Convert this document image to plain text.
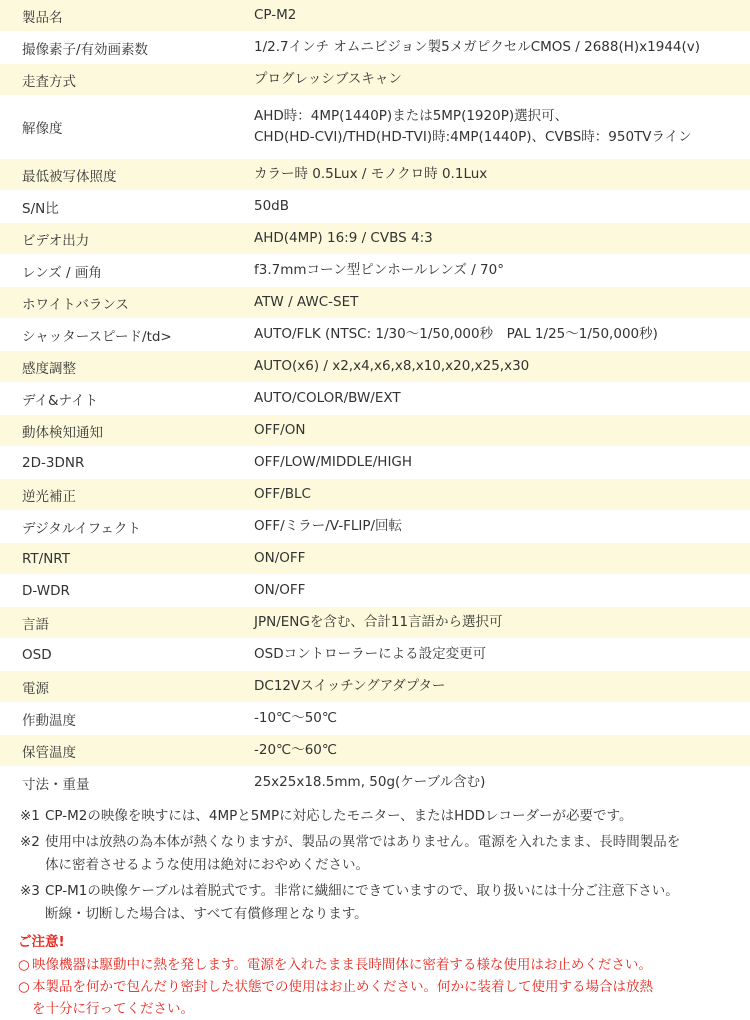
製品名	CP-M2
撮像素子/有効画素数	1/2.7インチ オムニビジョン製5メガピクセルCMOS / 2688(H)x1944(v)
走査方式	プログレッシブスキャン
解像度
AHD時：4MP(1440P)または5MP(1920P)選択可、
CHD(HD-CVI)/THD(HD-TVI)時:4MP(1440P)、CVBS時：950TVライン
最低被写体照度	カラー時 0.5Lux / モノクロ時 0.1Lux
S/N比	50dB
ビデオ出力	AHD(4MP) 16:9 / CVBS 4:3
レンズ / 画角	f3.7mmコーン型ピンホールレンズ / 70°
ホワイトバランス	ATW / AWC-SET
シャッタースピード/td>	AUTO/FLK (NTSC: 1/30～1/50,000秒　PAL 1/25～1/50,000秒)
感度調整	AUTO(x6) / x2,x4,x6,x8,x10,x20,x25,x30
デイ&ナイト	AUTO/COLOR/BW/EXT
動体検知通知	OFF/ON
2D-3DNR	OFF/LOW/MIDDLE/HIGH
逆光補正	OFF/BLC
デジタルイフェクト	OFF/ミラー/V-FLIP/回転
RT/NRT	ON/OFF
D-WDR	ON/OFF
言語	JPN/ENGを含む、合計11言語から選択可
OSD	OSDコントローラーによる設定変更可
電源	DC12Vスイッチングアダプター
作動温度	-10℃～50℃
保管温度	-20℃～60℃
寸法・重量	25x25x18.5mm, 50g(ケーブル含む)
※1 CP-M2の映像を映すには、4MPと5MPに対応したモニター、またはHDDレコーダーが必要です。
※2 使用中は放熱の為本体が熱くなりますが、製品の異常ではありません。電源を入れたまま、長時間製品を
体に密着させるような使用は絶対におやめください。
※3 CP-M1の映像ケーブルは着脱式です。非常に繊細にできていますので、取り扱いには十分ご注意下さい。
断線・切断した場合は、すべて有償修理となります。
ご注意!
○ 映像機器は駆動中に熱を発します。電源を入れたまま長時間体に密着する様な使用はお止めください。
○ 本製品を何かで包んだり密封した状態での使用はお止めください。何かに装着して使用する場合は放熱
を十分に行ってください。
